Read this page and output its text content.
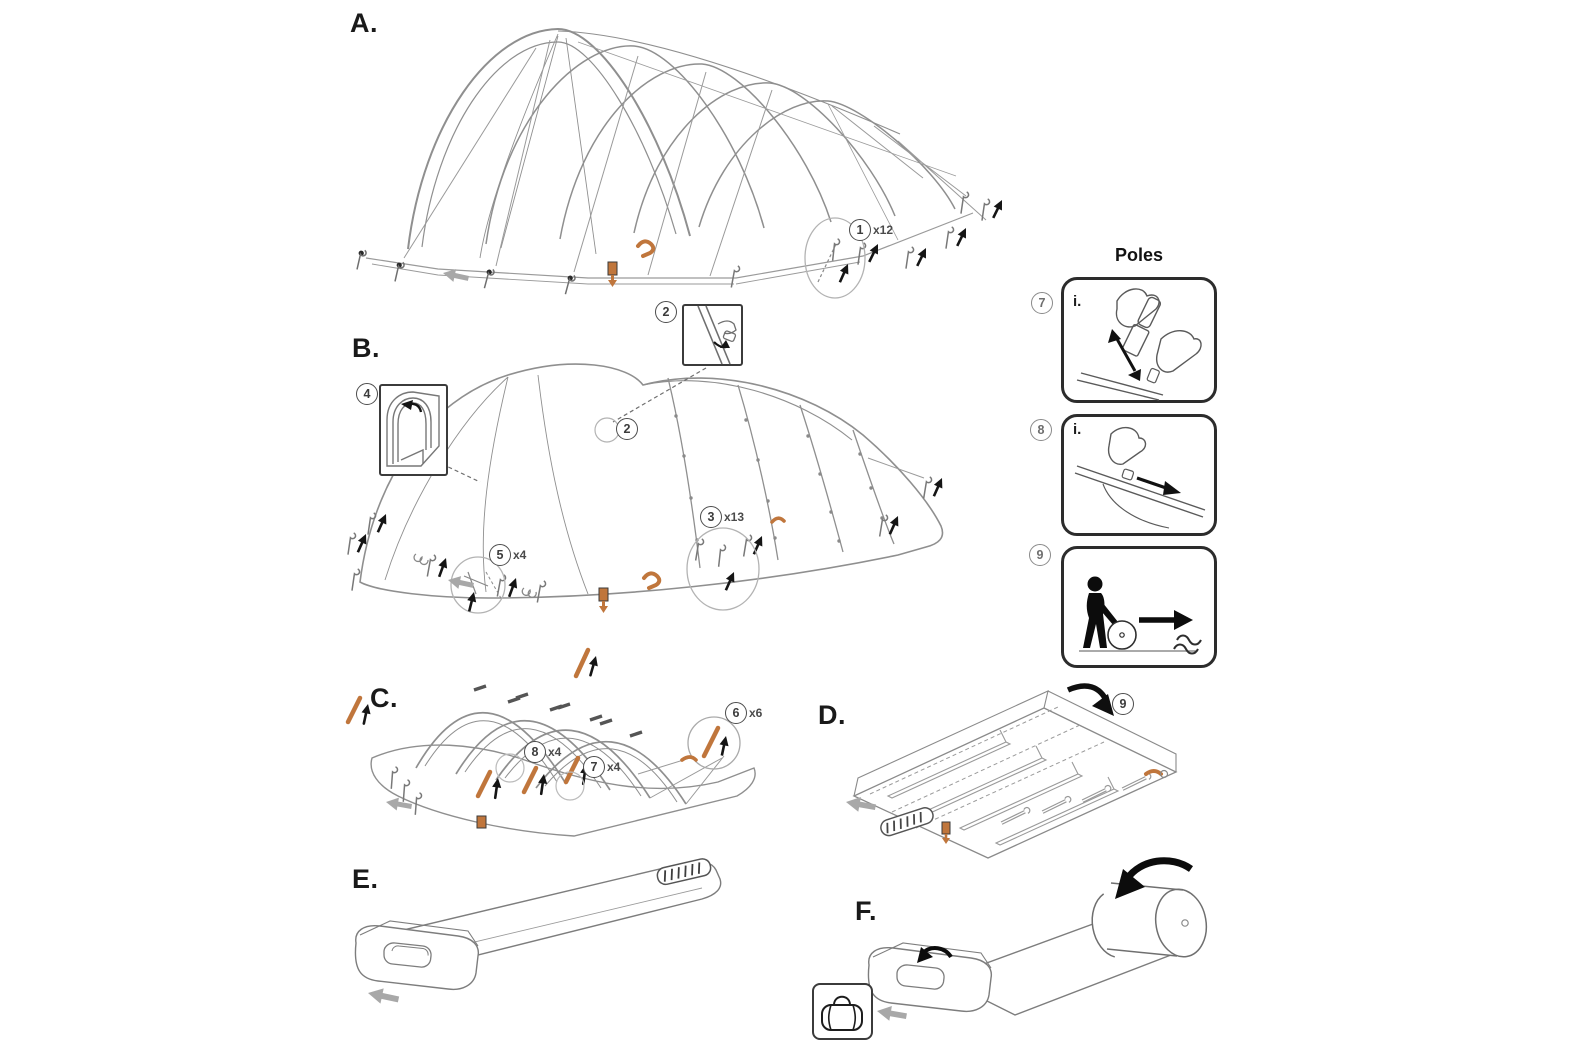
Poles
A.
B.
C.
D.
E.
F.
1 x12
2
2
3 x13
4
5 x4
6 x6
8 x4
7 x4
9
7
8
9
i.
i.
